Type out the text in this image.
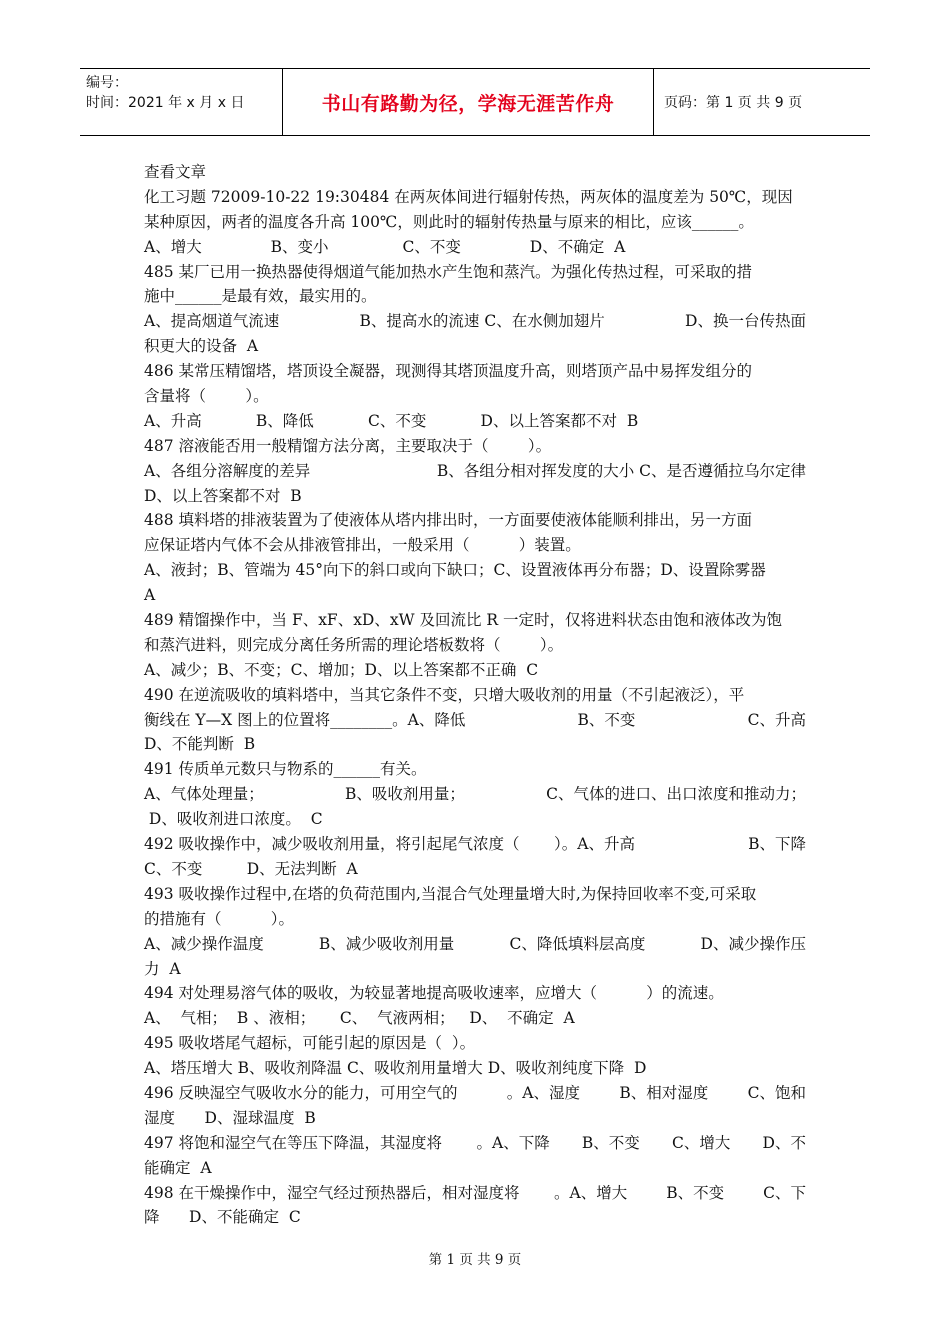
编号：
时间：2021 年 x 月 x 日	书山有路勤为径，学海无涯苦作舟	页码：第 1 页 共 9 页
查看文章
化工习题 72009-10-22 19:30484 在两灰体间进行辐射传热，两灰体的温度差为 50℃，现因
某种原因，两者的温度各升高 100℃，则此时的辐射传热量与原来的相比，应该______。
A、增大              B、变小               C、不变              D、不确定  A
485 某厂已用一换热器使得烟道气能加热水产生饱和蒸汽。为强化传热过程，可采取的措
施中______是最有效，最实用的。
A、提高烟道气流速	B、提高水的流速 C、在水侧加翅片	D、换一台传热面
积更大的设备  A
486 某常压精馏塔，塔顶设全凝器，现测得其塔顶温度升高，则塔顶产品中易挥发组分的
含量将（        ）。
A、升高           B、降低           C、不变           D、以上答案都不对  B
487 溶液能否用一般精馏方法分离，主要取决于（        ）。
A、各组分溶解度的差异	B、各组分相对挥发度的大小 C、是否遵循拉乌尔定律
D、以上答案都不对  B
488 填料塔的排液装置为了使液体从塔内排出时，一方面要使液体能顺利排出，另一方面
应保证塔内气体不会从排液管排出，一般采用（          ）装置。
A、液封；B、管端为 45°向下的斜口或向下缺口；C、设置液体再分布器；D、设置除雾器
A
489 精馏操作中，当 F、xF、xD、xW 及回流比 R 一定时，仅将进料状态由饱和液体改为饱
和蒸汽进料，则完成分离任务所需的理论塔板数将（        ）。
A、减少；B、不变；C、增加；D、以上答案都不正确  C
490 在逆流吸收的填料塔中，当其它条件不变，只增大吸收剂的用量（不引起液泛），平
衡线在 Y—X 图上的位置将________。A、降低	B、不变	C、升高
D、不能判断  B
491 传质单元数只与物系的______有关。
A、气体处理量；	B、吸收剂用量；	C、气体的进口、出口浓度和推动力；
D、吸收剂进口浓度。  C
492 吸收操作中，减少吸收剂用量，将引起尾气浓度（       ）。A、升高	B、下降
C、不变         D、无法判断  A
493 吸收操作过程中,在塔的负荷范围内,当混合气处理量增大时,为保持回收率不变,可采取
的措施有（          ）。
A、减少操作温度	B、减少吸收剂用量	C、降低填料层高度	D、减少操作压
力  A
494 对处理易溶气体的吸收，为较显著地提高吸收速率，应增大（          ）的流速。
A、  气相；  B 、液相；     C、  气液两相；   D、  不确定  A
495 吸收塔尾气超标，可能引起的原因是（  ）。
A、塔压增大 B、吸收剂降温 C、吸收剂用量增大 D、吸收剂纯度下降  D
496 反映湿空气吸收水分的能力，可用空气的          。A、湿度	B、相对湿度	C、饱和
湿度      D、湿球温度  B
497 将饱和湿空气在等压下降温，其湿度将       。A、下降 B、不变 C、增大 D、不
能确定  A
498 在干燥操作中，湿空气经过预热器后，相对湿度将       。A、增大	B、不变	C、下
降      D、不能确定  C
第 1 页 共 9 页
